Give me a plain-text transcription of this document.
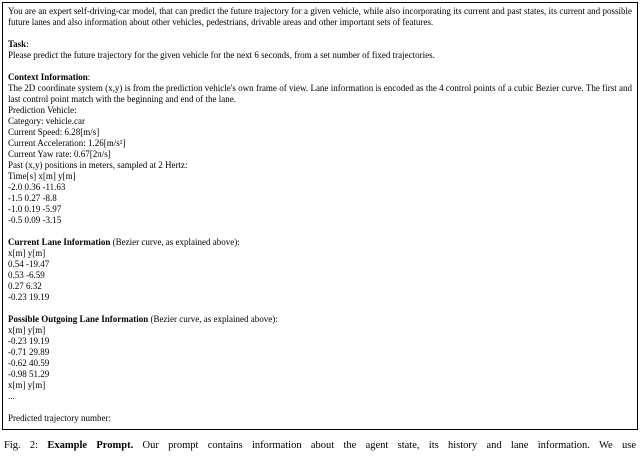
You are an expert self-driving-car model, that can predict the future trajectory for a given vehicle, while also incorporating its current and past states, its current and possible future lanes and also information about other vehicles, pedestrians, drivable areas and other important sets of features.

Task:

Please predict the future trajectory for the given vehicle for the next 6 seconds, from a set number of fixed trajectories.

Context Information:

The 2D coordinate system (x,y) is from the prediction vehicle's own frame of view. Lane information is encoded as the 4 control points of a cubic Bezier curve. The first and last control point match with the beginning and end of the lane.

Prediction Vehicle:
Category: vehicle.car
Current Speed: 6.28[m/s]
Current Acceleration: 1.26[m/s²]
Current Yaw rate: 0.67[2π/s]
Past (x,y) positions in meters, sampled at 2 Hertz:
Time[s] x[m] y[m]
-2.0 0.36 -11.63
-1.5 0.27 -8.8
-1.0 0.19 -5.97
-0.5 0.09 -3.15
Current Lane Information (Bezier curve, as explained above):
x[m] y[m]
0.54 -19.47
0.53 -6.59
0.27 6.32
-0.23 19.19
Possible Outgoing Lane Information (Bezier curve, as explained above):
x[m] y[m]
-0.23 19.19
-0.71 29.89
-0.62 40.59
-0.98 51.29
x[m] y[m]
...
Predicted trajectory number:

Fig. 2: Example Prompt. Our prompt contains information about the agent state, its history and lane information. We use
